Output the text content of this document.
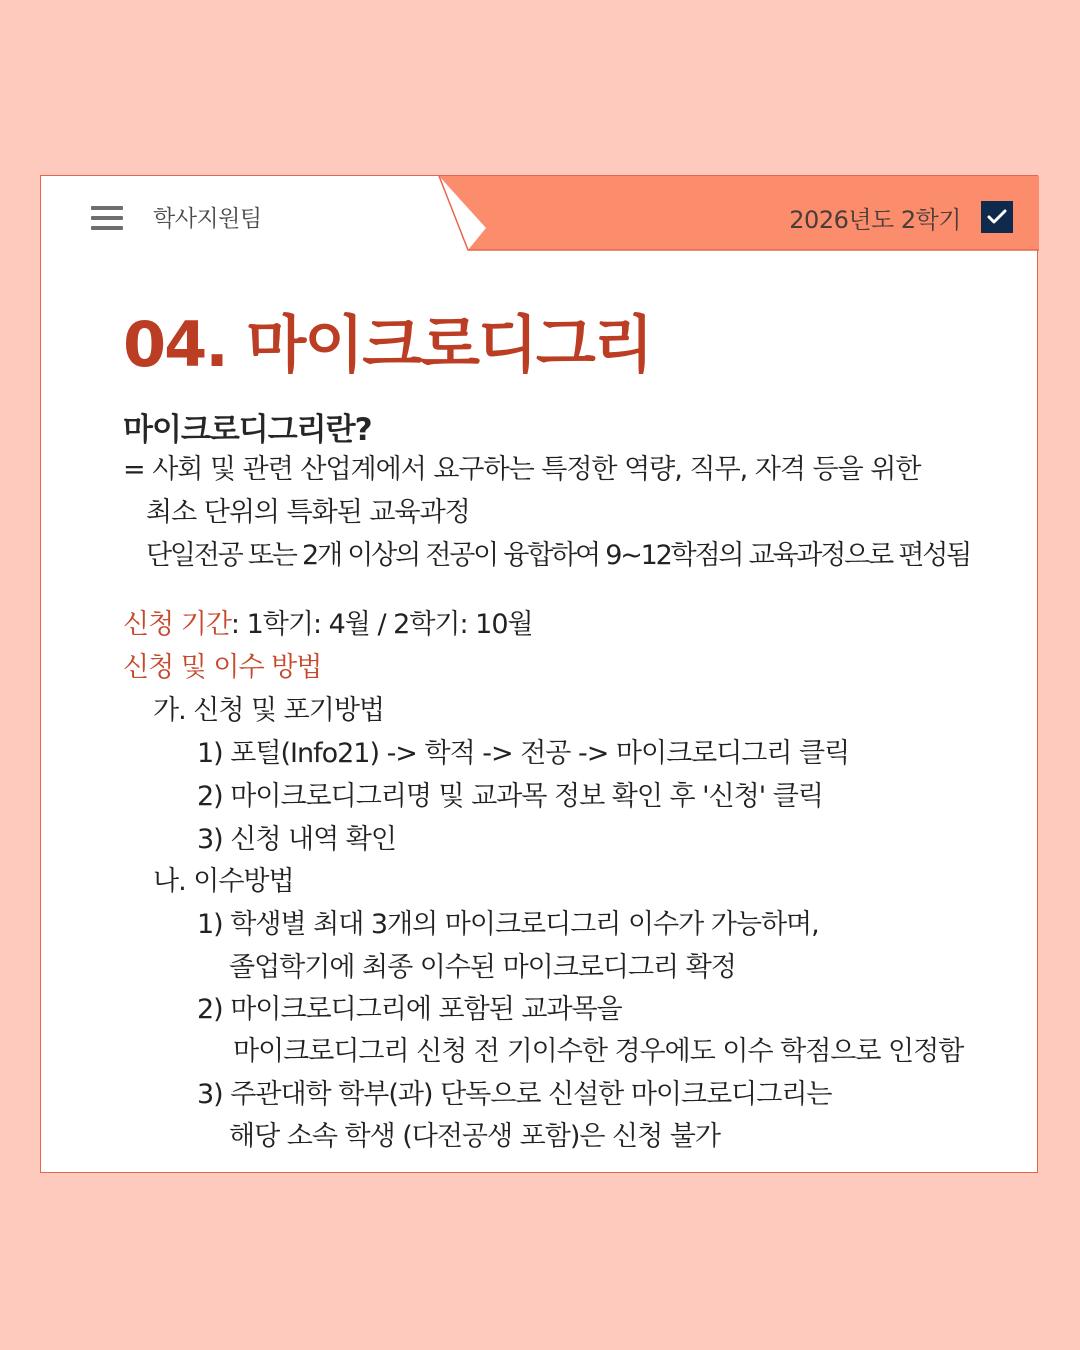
학사지원팀	2026년도 2학기
04. 마이크로디그리
마이크로디그리란?
= 사회 및 관련 산업계에서 요구하는 특정한 역량, 직무, 자격 등을 위한
최소 단위의 특화된 교육과정
단일전공 또는 2개 이상의 전공이 융합하여 9~12학점의 교육과정으로 편성됨
신청 기간: 1학기: 4월 / 2학기: 10월
신청 및 이수 방법
가. 신청 및 포기방법
1) 포털(Info21) -> 학적 -> 전공 -> 마이크로디그리 클릭
2) 마이크로디그리명 및 교과목 정보 확인 후 '신청' 클릭
3) 신청 내역 확인
나. 이수방법
1) 학생별 최대 3개의 마이크로디그리 이수가 가능하며,
졸업학기에 최종 이수된 마이크로디그리 확정
2) 마이크로디그리에 포함된 교과목을
마이크로디그리 신청 전 기이수한 경우에도 이수 학점으로 인정함
3) 주관대학 학부(과) 단독으로 신설한 마이크로디그리는
해당 소속 학생 (다전공생 포함)은 신청 불가
